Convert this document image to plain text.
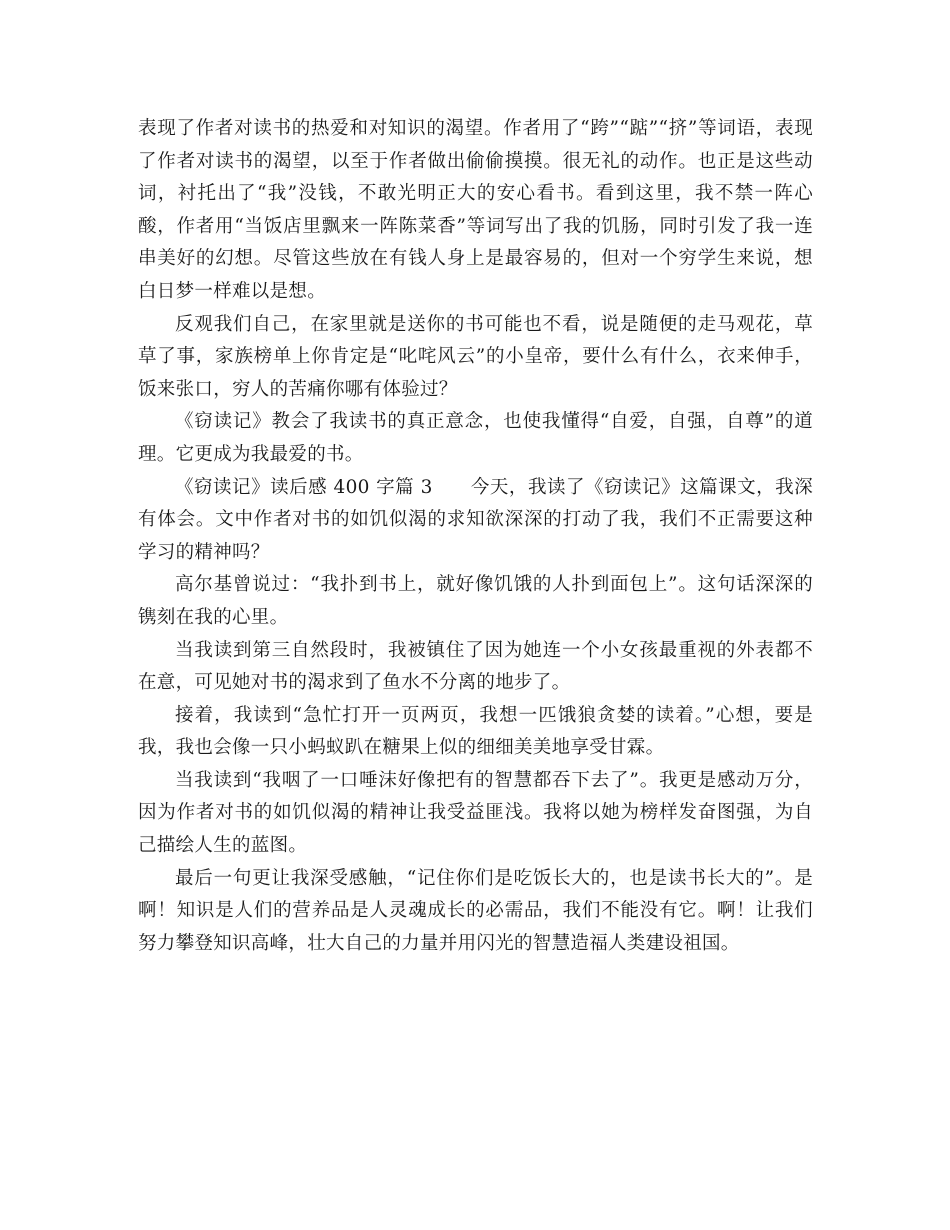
表现了作者对读书的热爱和对知识的渴望。作者用了“跨”“踮”“挤”等词语，表现了作者对读书的渴望，以至于作者做出偷偷摸摸。很无礼的动作。也正是这些动词，衬托出了“我”没钱，不敢光明正大的安心看书。看到这里，我不禁一阵心酸，作者用“当饭店里飘来一阵陈菜香”等词写出了我的饥肠，同时引发了我一连串美好的幻想。尽管这些放在有钱人身上是最容易的，但对一个穷学生来说，想白日梦一样难以是想。

反观我们自己，在家里就是送你的书可能也不看，说是随便的走马观花，草草了事，家族榜单上你肯定是“叱咤风云”的小皇帝，要什么有什么，衣来伸手，饭来张口，穷人的苦痛你哪有体验过？

《窃读记》教会了我读书的真正意念，也使我懂得“自爱，自强，自尊”的道理。它更成为我最爱的书。

《窃读记》读后感 400 字篇 3　　今天，我读了《窃读记》这篇课文，我深有体会。文中作者对书的如饥似渴的求知欲深深的打动了我，我们不正需要这种学习的精神吗？

高尔基曾说过：“我扑到书上，就好像饥饿的人扑到面包上”。这句话深深的镌刻在我的心里。

当我读到第三自然段时，我被镇住了因为她连一个小女孩最重视的外表都不在意，可见她对书的渴求到了鱼水不分离的地步了。

接着，我读到“急忙打开一页两页，我想一匹饿狼贪婪的读着。”心想，要是我，我也会像一只小蚂蚁趴在糖果上似的细细美美地享受甘霖。

当我读到“我咽了一口唾沫好像把有的智慧都吞下去了”。我更是感动万分，因为作者对书的如饥似渴的精神让我受益匪浅。我将以她为榜样发奋图强，为自己描绘人生的蓝图。

最后一句更让我深受感触，“记住你们是吃饭长大的，也是读书长大的”。是啊！知识是人们的营养品是人灵魂成长的必需品，我们不能没有它。啊！让我们努力攀登知识高峰，壮大自己的力量并用闪光的智慧造福人类建设祖国。
